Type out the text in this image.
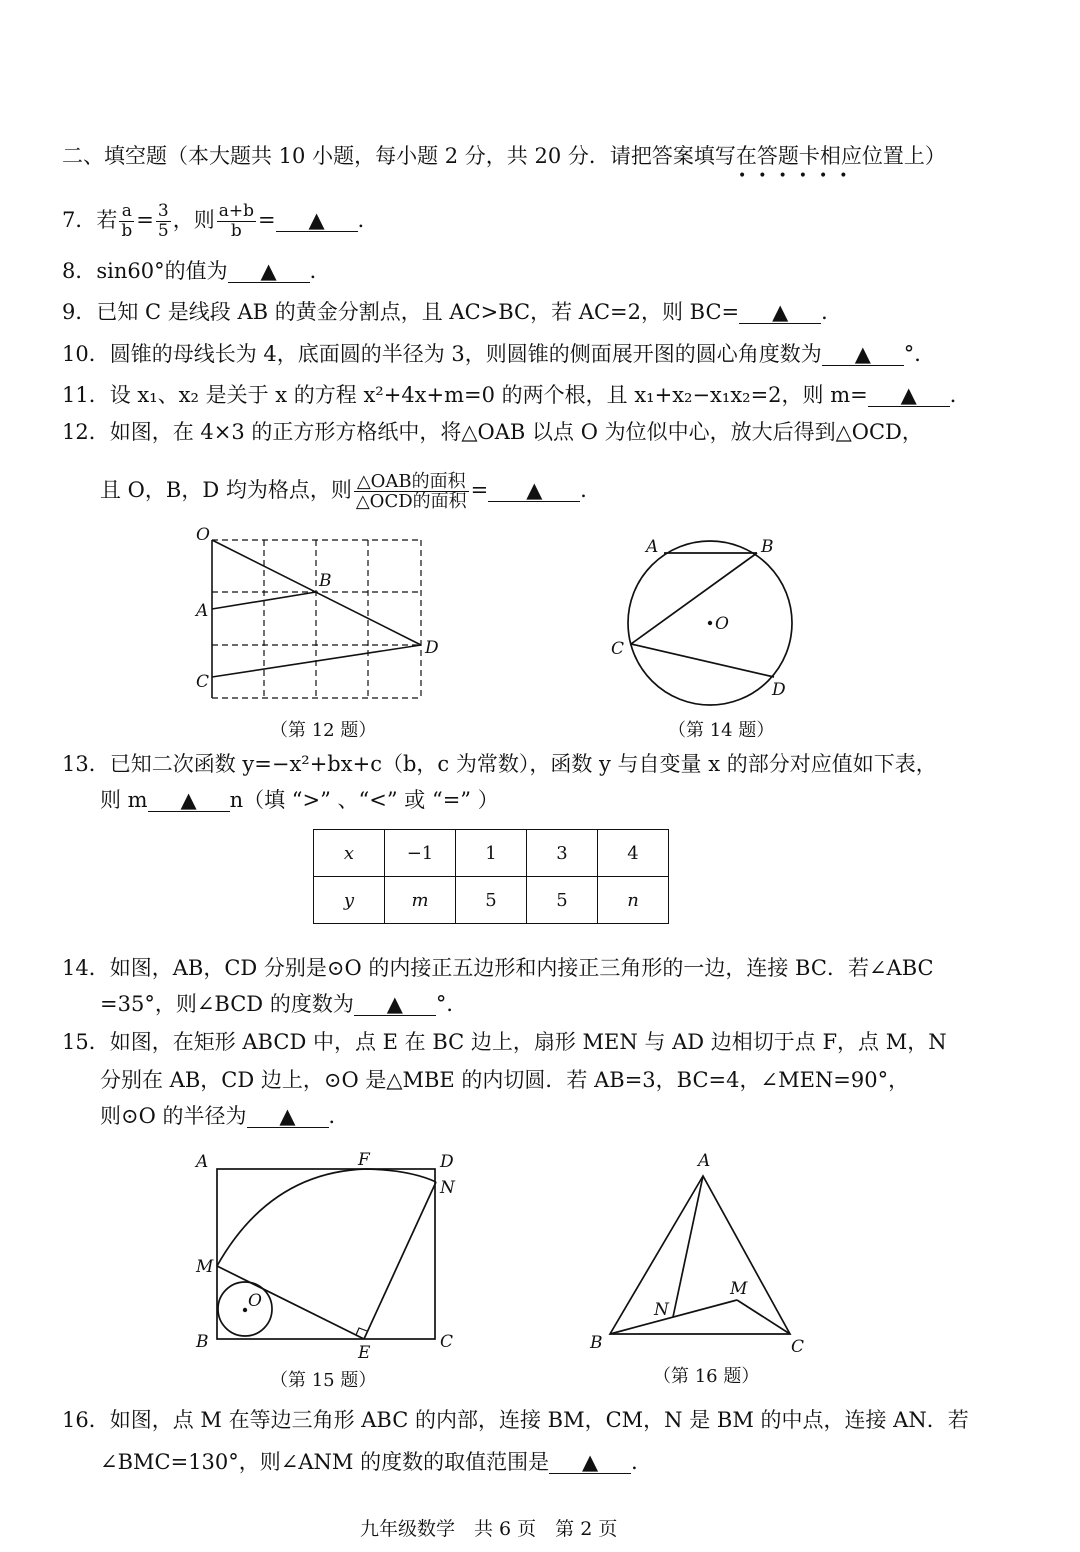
二、填空题（本大题共 10 小题，每小题 2 分，共 20 分．请把答案填写在答题卡相应位置上）
••••••
7．若 $\frac{a}{b} = \frac{3}{5}$ ，则 $\frac{a+b}{b}$ = ▲ ．
8．sin60°的值为 ▲ ．
9．已知 C 是线段 AB 的黄金分割点，且 AC>BC，若 AC=2，则 BC= ▲ ．
10．圆锥的母线长为 4，底面圆的半径为 3，则圆锥的侧面展开图的圆心角度数为 ▲ °．
11．设 x₁、x₂ 是关于 x 的方程 x²+4x+m=0 的两个根，且 x₁+x₂−x₁x₂=2，则 m= ▲ ．
12．如图，在 4×3 的正方形方格纸中，将△OAB 以点 O 为位似中心，放大后得到△OCD，
且 O，B，D 均为格点，则 $\frac{\text{△OAB的面积}}{\text{△OCD的面积}}$ = ▲ ．
O
A
B
C
D
（第 12 题）
A	B
C
D
O
（第 14 题）
13．已知二次函数 y=−x²+bx+c（b，c 为常数），函数 y 与自变量 x 的部分对应值如下表，
则 m ▲ n（填 “>” 、“<” 或 “=” ）
x	−1	1	3	4
y	m	5	5	n
14．如图，AB，CD 分别是⊙O 的内接正五边形和内接正三角形的一边，连接 BC．若∠ABC
=35°，则∠BCD 的度数为 ▲ °．
15．如图，在矩形 ABCD 中，点 E 在 BC 边上，扇形 MEN 与 AD 边相切于点 F，点 M，N
分别在 AB，CD 边上，⊙O 是△MBE 的内切圆．若 AB=3，BC=4，∠MEN=90°，
则⊙O 的半径为 ▲ ．
A	F	D
N
M
O
B
E
C
（第 15 题）
A
B	C
M
N
（第 16 题）
16．如图，点 M 在等边三角形 ABC 的内部，连接 BM，CM，N 是 BM 的中点，连接 AN．若
∠BMC=130°，则∠ANM 的度数的取值范围是 ▲ ．
九年级数学　共 6 页　第 2 页
